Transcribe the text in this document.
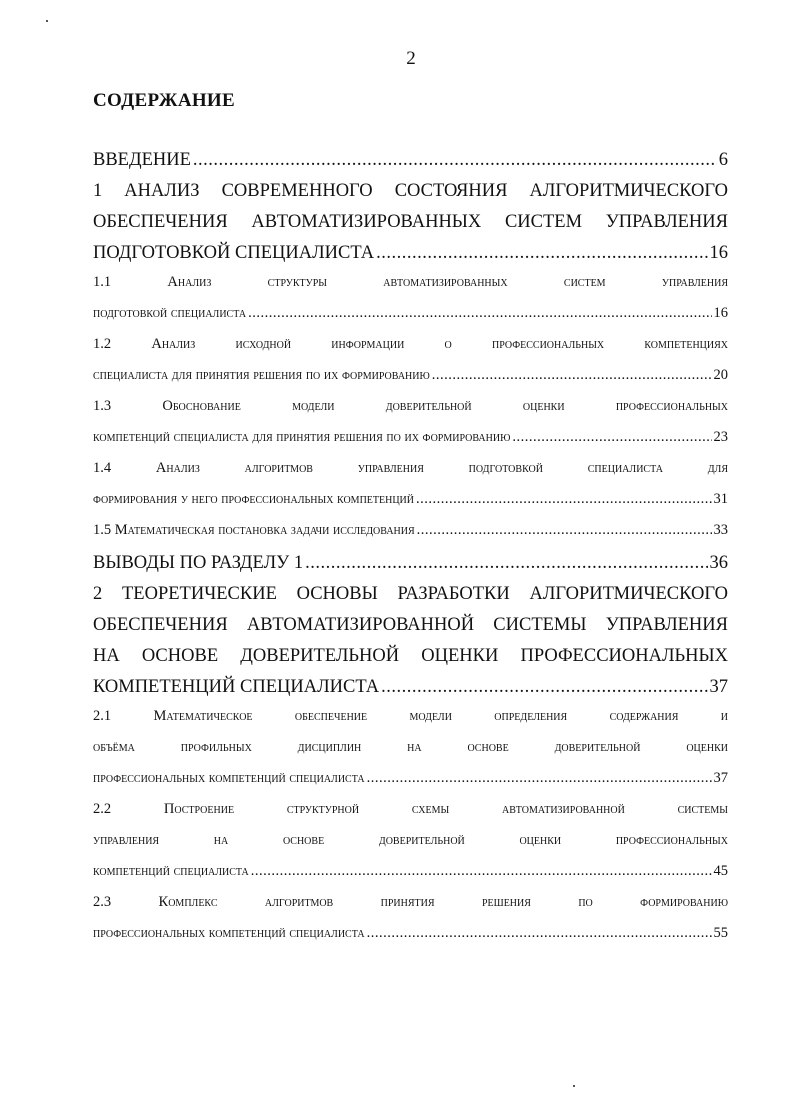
2
СОДЕРЖАНИЕ
ВВЕДЕНИЕ .....	6
1 АНАЛИЗ СОВРЕМЕННОГО СОСТОЯНИЯ АЛГОРИТМИЧЕСКОГО
ОБЕСПЕЧЕНИЯ АВТОМАТИЗИРОВАННЫХ СИСТЕМ УПРАВЛЕНИЯ
ПОДГОТОВКОЙ СПЕЦИАЛИСТА .....	16
1.1 Анализ структуры автоматизированных систем управления
подготовкой специалиста .....	16
1.2 Анализ исходной информации о профессиональных компетенциях
специалиста для принятия решения по их формированию .....	20
1.3 Обоснование модели доверительной оценки профессиональных
компетенций специалиста для принятия решения по их формированию .....	23
1.4 Анализ алгоритмов управления подготовкой специалиста для
формирования у него профессиональных компетенций .....	31
1.5 Математическая постановка задачи исследования .....	33
ВЫВОДЫ ПО РАЗДЕЛУ 1 .....	36
2 ТЕОРЕТИЧЕСКИЕ ОСНОВЫ РАЗРАБОТКИ АЛГОРИТМИЧЕСКОГО
ОБЕСПЕЧЕНИЯ АВТОМАТИЗИРОВАННОЙ СИСТЕМЫ УПРАВЛЕНИЯ
НА ОСНОВЕ ДОВЕРИТЕЛЬНОЙ ОЦЕНКИ ПРОФЕССИОНАЛЬНЫХ
КОМПЕТЕНЦИЙ СПЕЦИАЛИСТА .....	37
2.1 Математическое обеспечение модели определения содержания и
объёма профильных дисциплин на основе доверительной оценки
профессиональных компетенций специалиста .....	37
2.2 Построение структурной схемы автоматизированной системы
управления на основе доверительной оценки профессиональных
компетенций специалиста .....	45
2.3 Комплекс алгоритмов принятия решения по формированию
профессиональных компетенций специалиста .....	55
